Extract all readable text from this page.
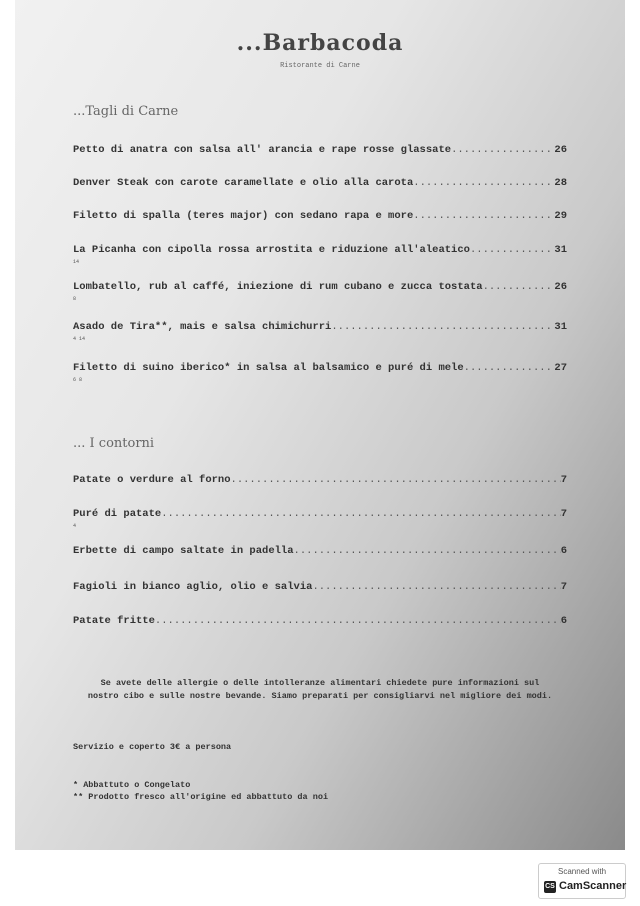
...Barbacoda
Ristorante di Carne
...Tagli di Carne
Petto di anatra con salsa all' arancia e rape rosse glassate .....	26
Denver Steak con carote caramellate e olio alla carota .....	28
Filetto di spalla (teres major) con sedano rapa e more .....	29
La Picanha con cipolla rossa arrostita e riduzione all'aleatico .....	31
14
Lombatello, rub al caffé, iniezione di rum cubano e zucca tostata .....	26
8
Asado de Tira**, mais e salsa chimichurri .....	31
4 14
Filetto di suino iberico* in salsa al balsamico e puré di mele .....	27
6 8
... I contorni
Patate o verdure al forno .....	7
Puré di patate .....	7
4
Erbette di campo saltate in padella .....	6
Fagioli in bianco aglio, olio e salvia .....	7
Patate fritte .....	6
Se avete delle allergie o delle intolleranze alimentari chiedete pure informazioni sul
nostro cibo e sulle nostre bevande. Siamo preparati per consigliarvi nel migliore dei modi.
Servizio e coperto 3€ a persona
* Abbattuto o Congelato
** Prodotto fresco all'origine ed abbattuto da noi
Scanned with
CS CamScanner
